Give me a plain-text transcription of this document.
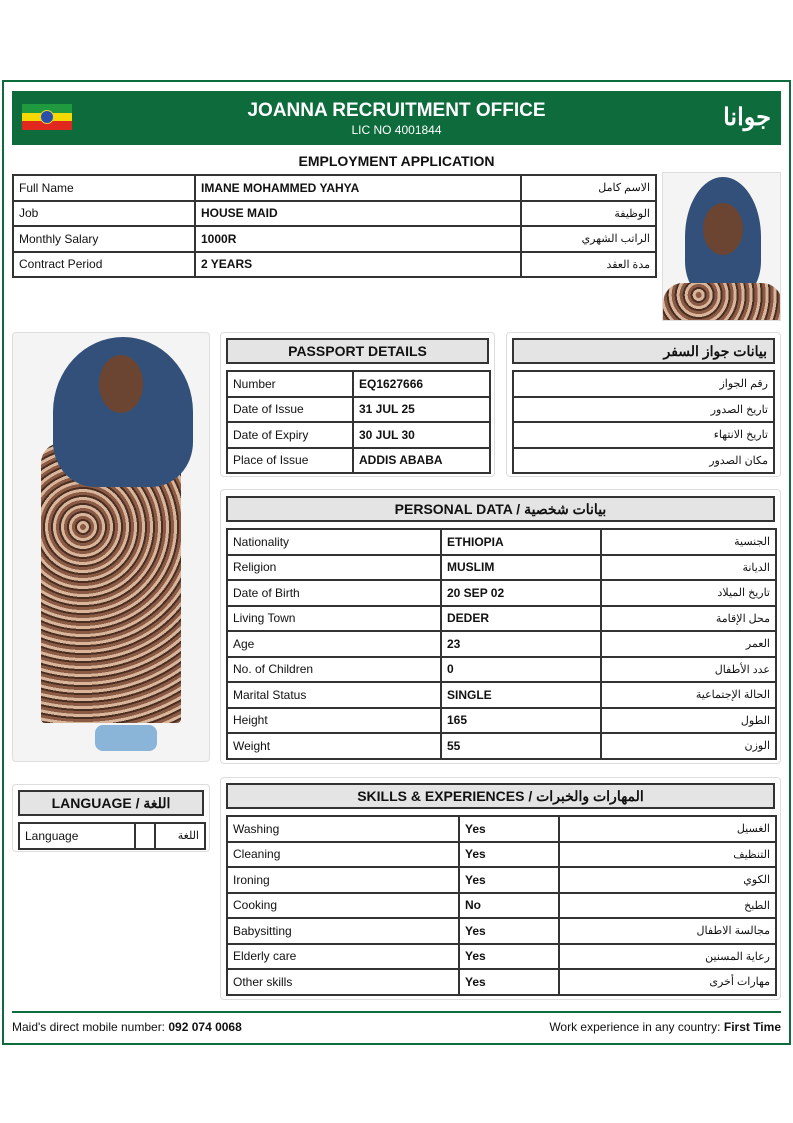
JOANNA RECRUITMENT OFFICE
LIC NO 4001844	جوانا
EMPLOYMENT APPLICATION
Full Name	IMANE MOHAMMED YAHYA	الاسم كامل
Job	HOUSE MAID	الوظيفة
Monthly Salary	1000R	الراتب الشهري
Contract Period	2 YEARS	مدة العقد
PASSPORT DETAILS
Number	EQ1627666
Date of Issue	31 JUL 25
Date of Expiry	30 JUL 30
Place of Issue	ADDIS ABABA
بيانات جواز السفر
رقم الجواز
تاريخ الصدور
تاريخ الانتهاء
مكان الصدور
PERSONAL DATA / بيانات شخصية
Nationality	ETHIOPIA	الجنسية
Religion	MUSLIM	الديانة
Date of Birth	20 SEP 02	تاريخ الميلاد
Living Town	DEDER	محل الإقامة
Age	23	العمر
No. of Children	0	عدد الأطفال
Marital Status	SINGLE	الحالة الإجتماعية
Height	165	الطول
Weight	55	الوزن
LANGUAGE / اللغة
Language		اللغة
SKILLS & EXPERIENCES / المهارات والخبرات
Washing	Yes	الغسيل
Cleaning	Yes	التنظيف
Ironing	Yes	الكوي
Cooking	No	الطبخ
Babysitting	Yes	مجالسة الاطفال
Elderly care	Yes	رعاية المسنين
Other skills	Yes	مهارات أخرى
Maid's direct mobile number: 092 074 0068	Work experience in any country: First Time
